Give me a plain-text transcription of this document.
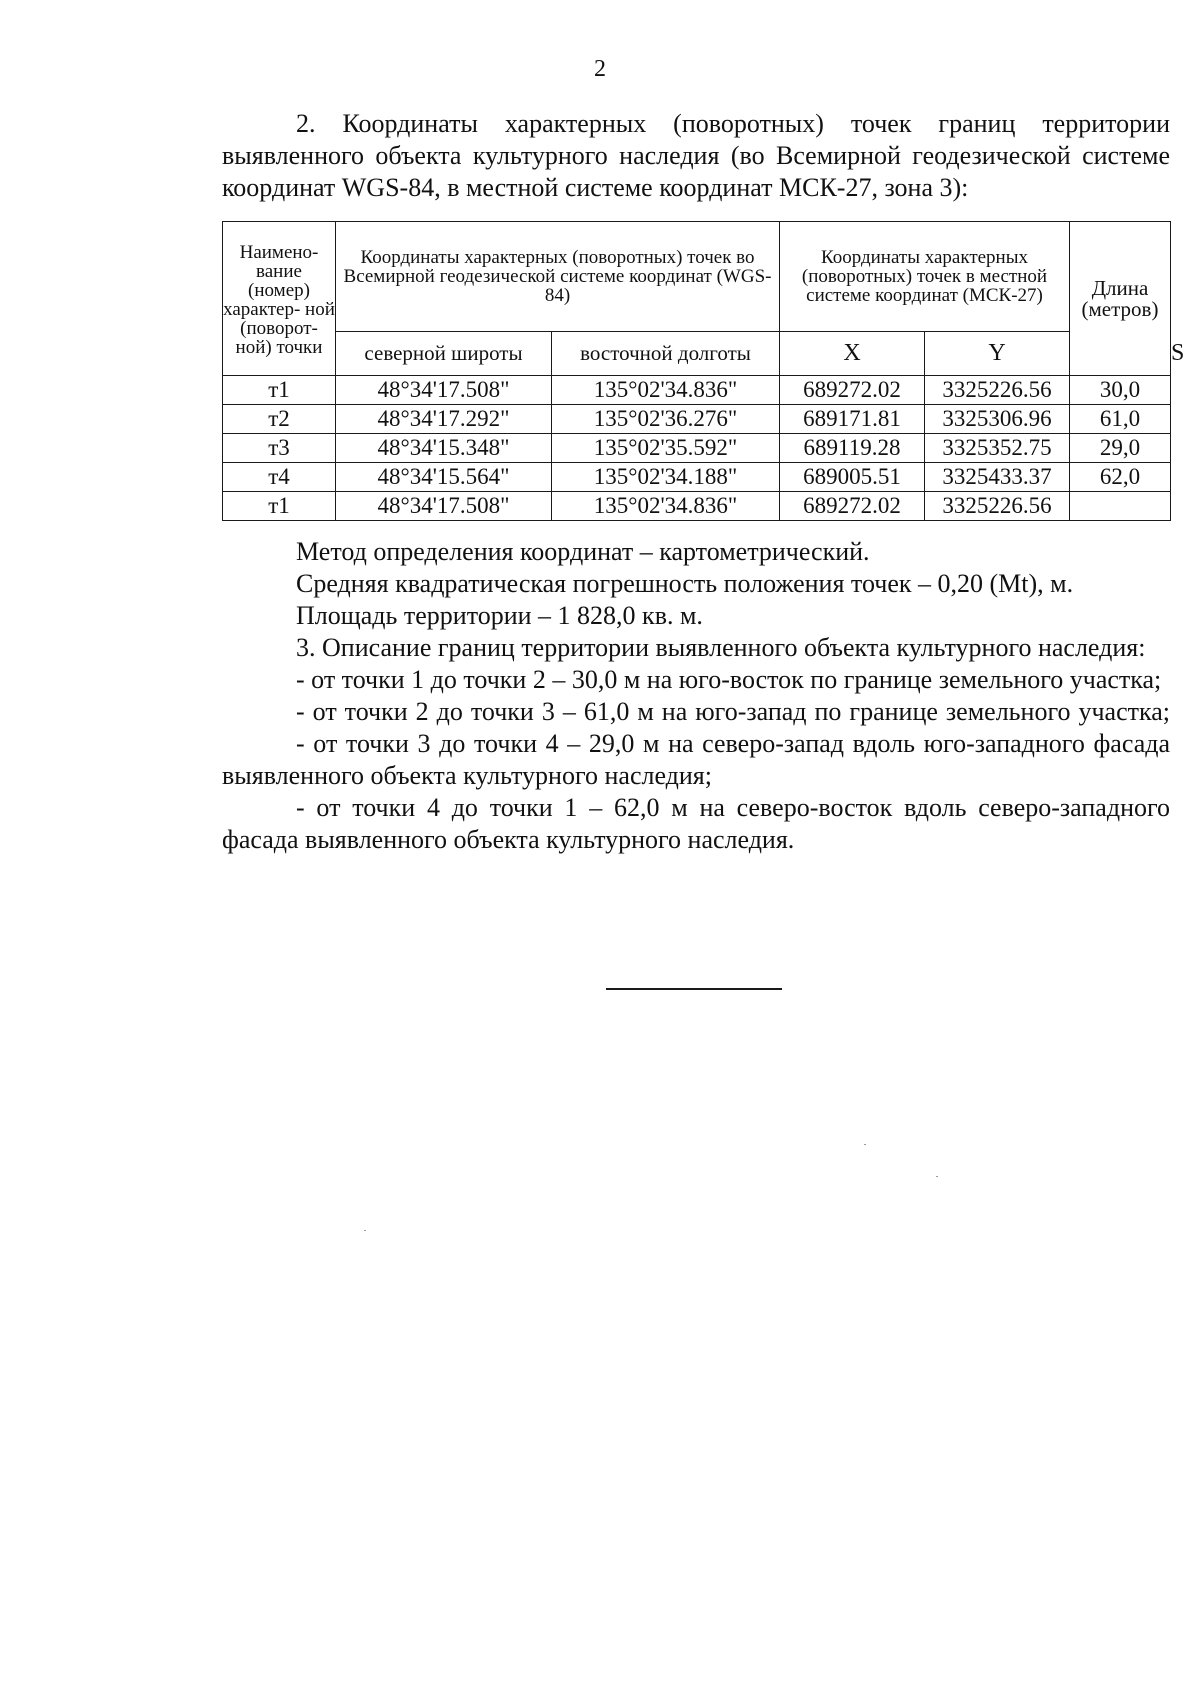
2

2. Координаты характерных (поворотных) точек границ территории выявленного объекта культурного наследия (во Всемирной геодезической системе координат WGS-84, в местной системе координат МСК-27, зона 3):

Наимено- вание (номер) характер- ной (поворот- ной) точки	Координаты характерных (поворотных) точек во Всемирной геодезической системе координат (WGS-84)		Координаты характерных (поворотных) точек в местной системе координат (МСК-27)		Длина (метров)	
	северной широты	восточной долготы	X	Y		S
т1	48°34'17.508"	135°02'34.836"	689272.02	3325226.56	30,0	
т2	48°34'17.292"	135°02'36.276"	689171.81	3325306.96	61,0	
т3	48°34'15.348"	135°02'35.592"	689119.28	3325352.75	29,0	
т4	48°34'15.564"	135°02'34.188"	689005.51	3325433.37	62,0	
т1	48°34'17.508"	135°02'34.836"	689272.02	3325226.56		

Метод определения координат – картометрический.

Средняя квадратическая погрешность положения точек – 0,20 (Mt), м.

Площадь территории – 1 828,0 кв. м.

3. Описание границ территории выявленного объекта культурного наследия:

- от точки 1 до точки 2 – 30,0 м на юго-восток по границе земельного участка;

- от точки 2 до точки 3 – 61,0 м на юго-запад по границе земельного участка;

- от точки 3 до точки 4 – 29,0 м на северо-запад вдоль юго-западного фасада выявленного объекта культурного наследия;

- от точки 4 до точки 1 – 62,0 м на северо-восток вдоль северо-западного фасада выявленного объекта культурного наследия.
